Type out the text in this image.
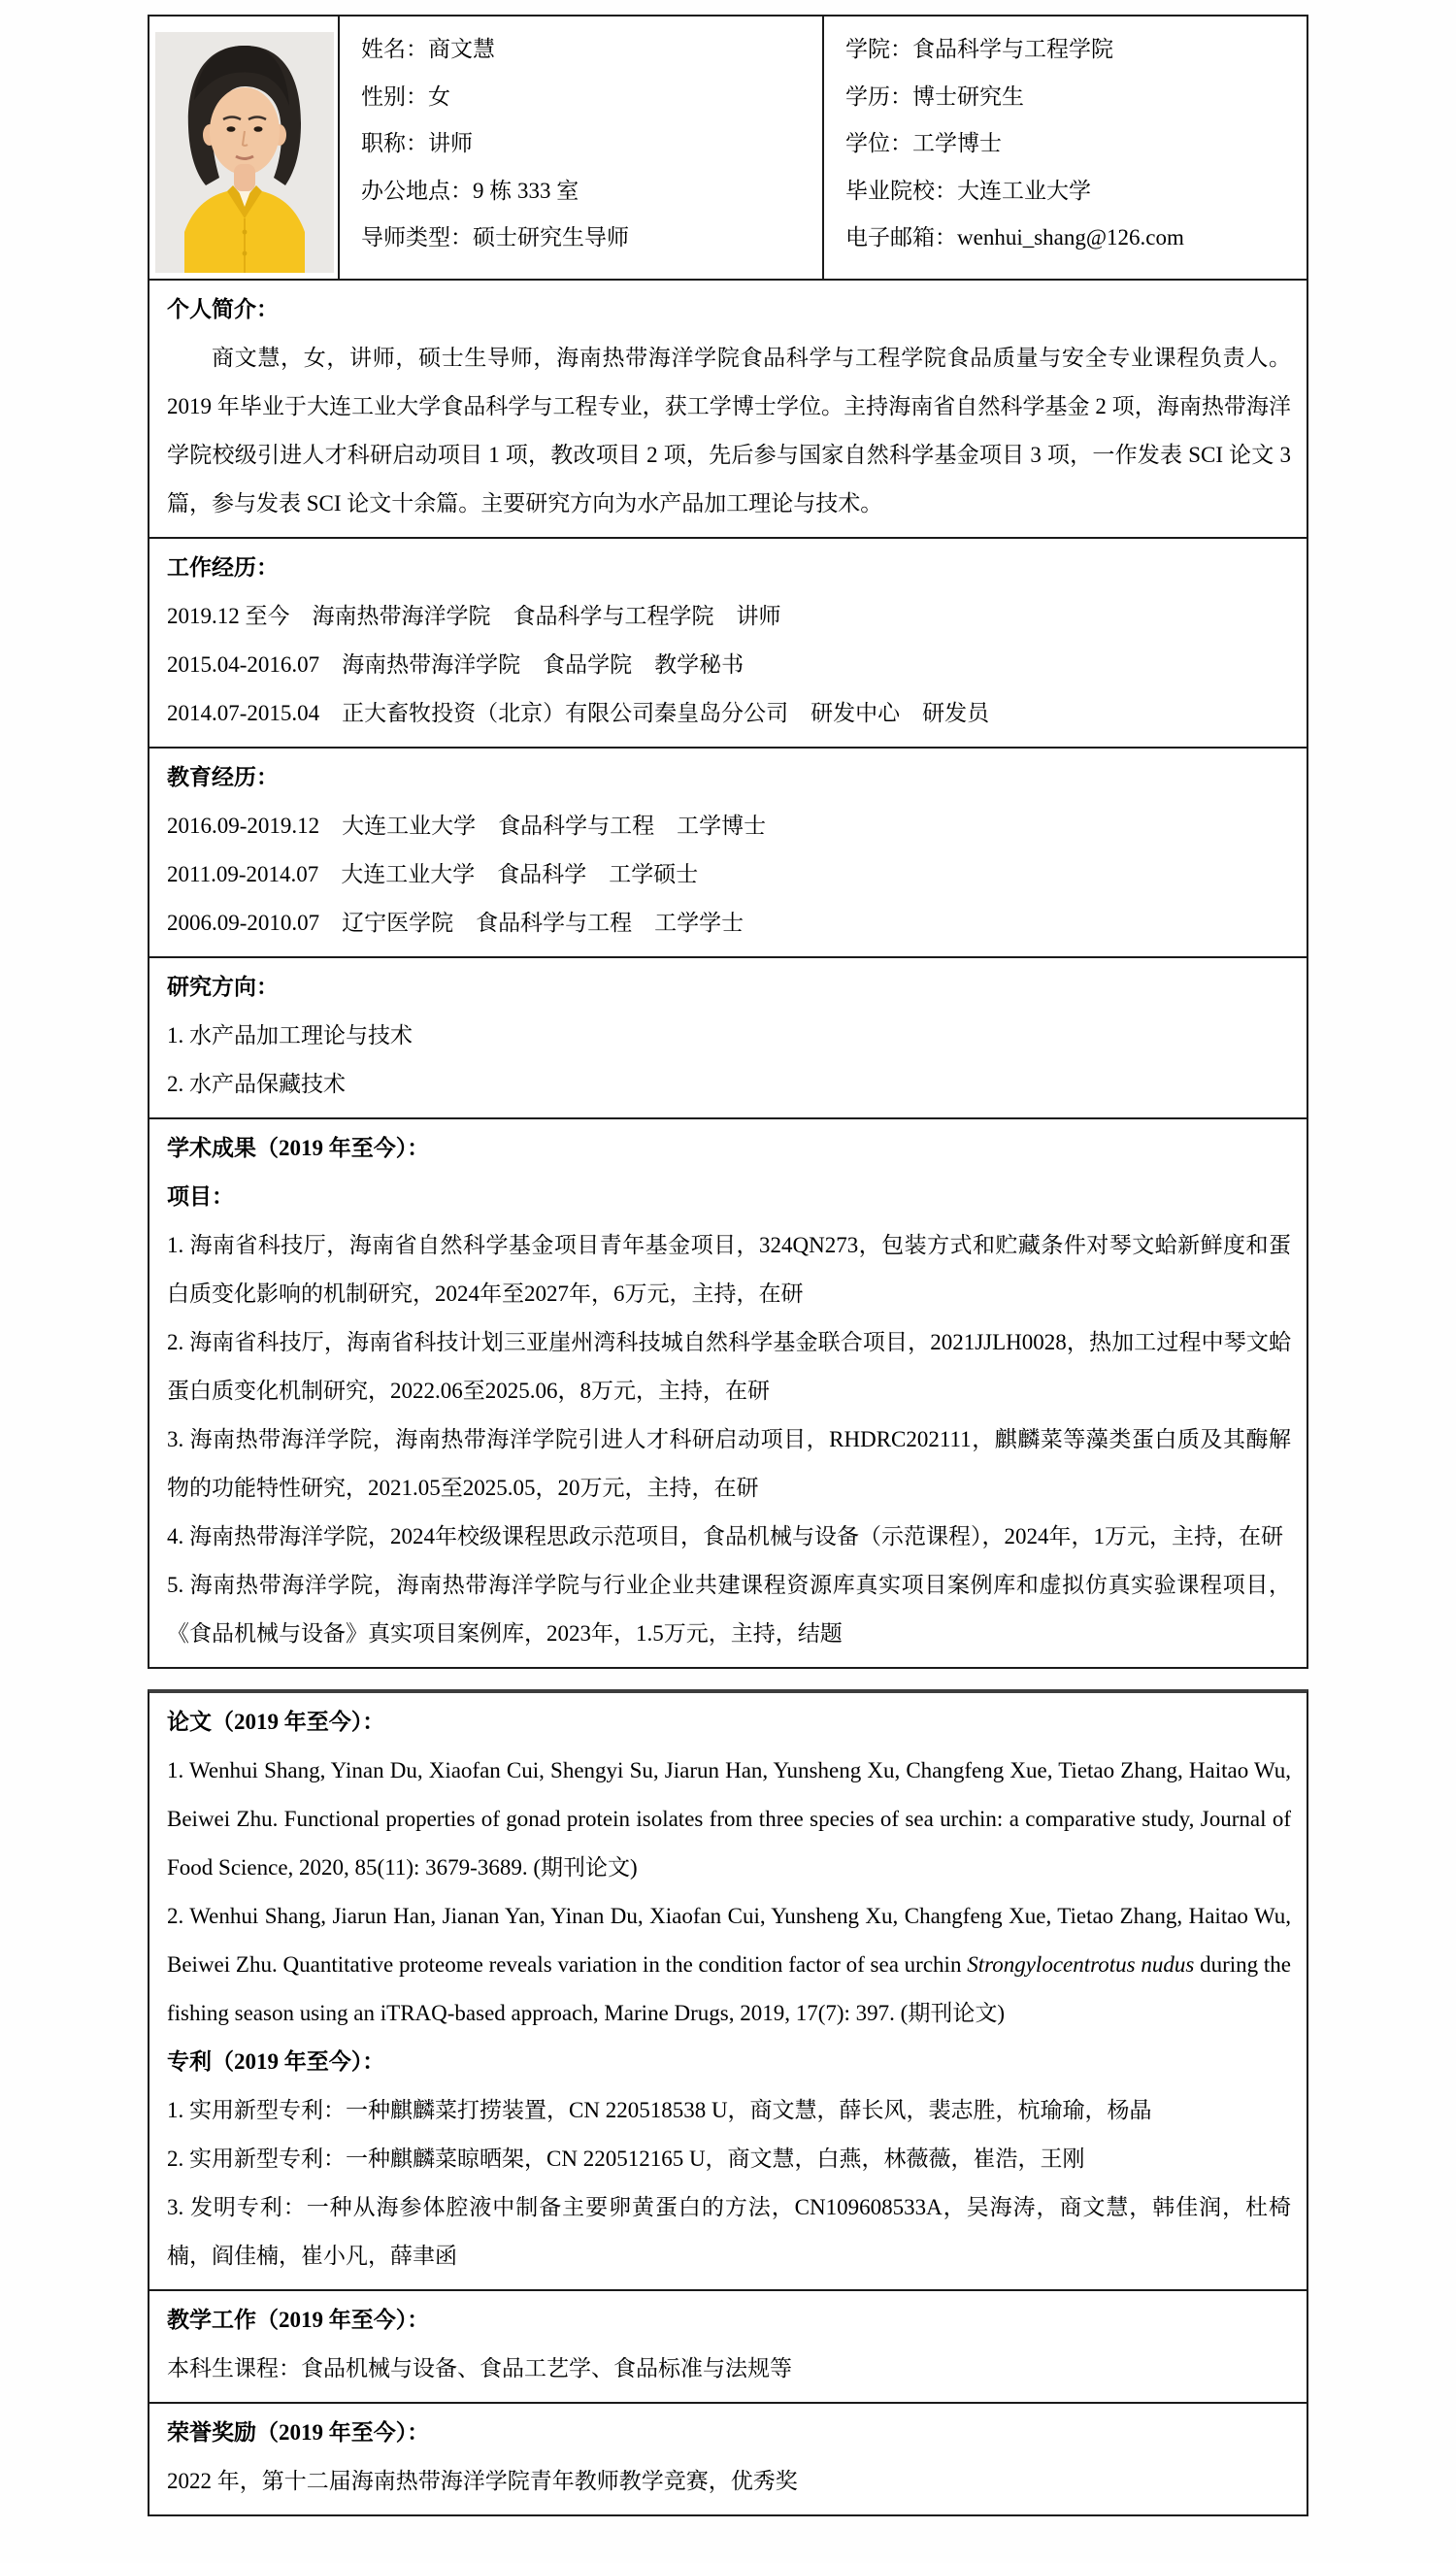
姓名：商文慧

性别：女

职称：讲师

办公地点：9 栋 333 室

导师类型：硕士研究生导师

学院：食品科学与工程学院

学历：博士研究生

学位：工学博士

毕业院校：大连工业大学

电子邮箱：wenhui_shang@126.com

个人简介：

商文慧，女，讲师，硕士生导师，海南热带海洋学院食品科学与工程学院食品质量与安全专业课程负责人。2019 年毕业于大连工业大学食品科学与工程专业，获工学博士学位。主持海南省自然科学基金 2 项，海南热带海洋学院校级引进人才科研启动项目 1 项，教改项目 2 项，先后参与国家自然科学基金项目 3 项，一作发表 SCI 论文 3 篇，参与发表 SCI 论文十余篇。主要研究方向为水产品加工理论与技术。

工作经历：

2019.12 至今　海南热带海洋学院　食品科学与工程学院　讲师

2015.04-2016.07　海南热带海洋学院　食品学院　教学秘书

2014.07-2015.04　正大畜牧投资（北京）有限公司秦皇岛分公司　研发中心　研发员

教育经历：

2016.09-2019.12　大连工业大学　食品科学与工程　工学博士

2011.09-2014.07　大连工业大学　食品科学　工学硕士

2006.09-2010.07　辽宁医学院　食品科学与工程　工学学士

研究方向：

1. 水产品加工理论与技术

2. 水产品保藏技术

学术成果（2019 年至今）：
项目：

1. 海南省科技厅，海南省自然科学基金项目青年基金项目，324QN273，包装方式和贮藏条件对琴文蛤新鲜度和蛋白质变化影响的机制研究，2024年至2027年，6万元，主持，在研

2. 海南省科技厅，海南省科技计划三亚崖州湾科技城自然科学基金联合项目，2021JJLH0028，热加工过程中琴文蛤蛋白质变化机制研究，2022.06至2025.06，8万元，主持，在研

3. 海南热带海洋学院，海南热带海洋学院引进人才科研启动项目，RHDRC202111，麒麟菜等藻类蛋白质及其酶解物的功能特性研究，2021.05至2025.05，20万元，主持，在研

4. 海南热带海洋学院，2024年校级课程思政示范项目，食品机械与设备（示范课程），2024年，1万元，主持，在研

5. 海南热带海洋学院，海南热带海洋学院与行业企业共建课程资源库真实项目案例库和虚拟仿真实验课程项目，《食品机械与设备》真实项目案例库，2023年，1.5万元，主持，结题

论文（2019 年至今）：

1. Wenhui Shang, Yinan Du, Xiaofan Cui, Shengyi Su, Jiarun Han, Yunsheng Xu, Changfeng Xue, Tietao Zhang, Haitao Wu, Beiwei Zhu. Functional properties of gonad protein isolates from three species of sea urchin: a comparative study, Journal of Food Science, 2020, 85(11): 3679-3689. (期刊论文)

2. Wenhui Shang, Jiarun Han, Jianan Yan, Yinan Du, Xiaofan Cui, Yunsheng Xu, Changfeng Xue, Tietao Zhang, Haitao Wu, Beiwei Zhu. Quantitative proteome reveals variation in the condition factor of sea urchin Strongylocentrotus nudus during the fishing season using an iTRAQ-based approach, Marine Drugs, 2019, 17(7): 397. (期刊论文)

专利（2019 年至今）：

1. 实用新型专利：一种麒麟菜打捞装置，CN 220518538 U，商文慧，薛长风，裴志胜，杭瑜瑜，杨晶

2. 实用新型专利：一种麒麟菜晾晒架，CN 220512165 U，商文慧，白燕，林薇薇，崔浩，王刚

3. 发明专利：一种从海参体腔液中制备主要卵黄蛋白的方法，CN109608533A，吴海涛，商文慧，韩佳润，杜椅楠，阎佳楠，崔小凡，薛聿函

教学工作（2019 年至今）：

本科生课程：食品机械与设备、食品工艺学、食品标准与法规等

荣誉奖励（2019 年至今）：

2022 年，第十二届海南热带海洋学院青年教师教学竞赛，优秀奖
